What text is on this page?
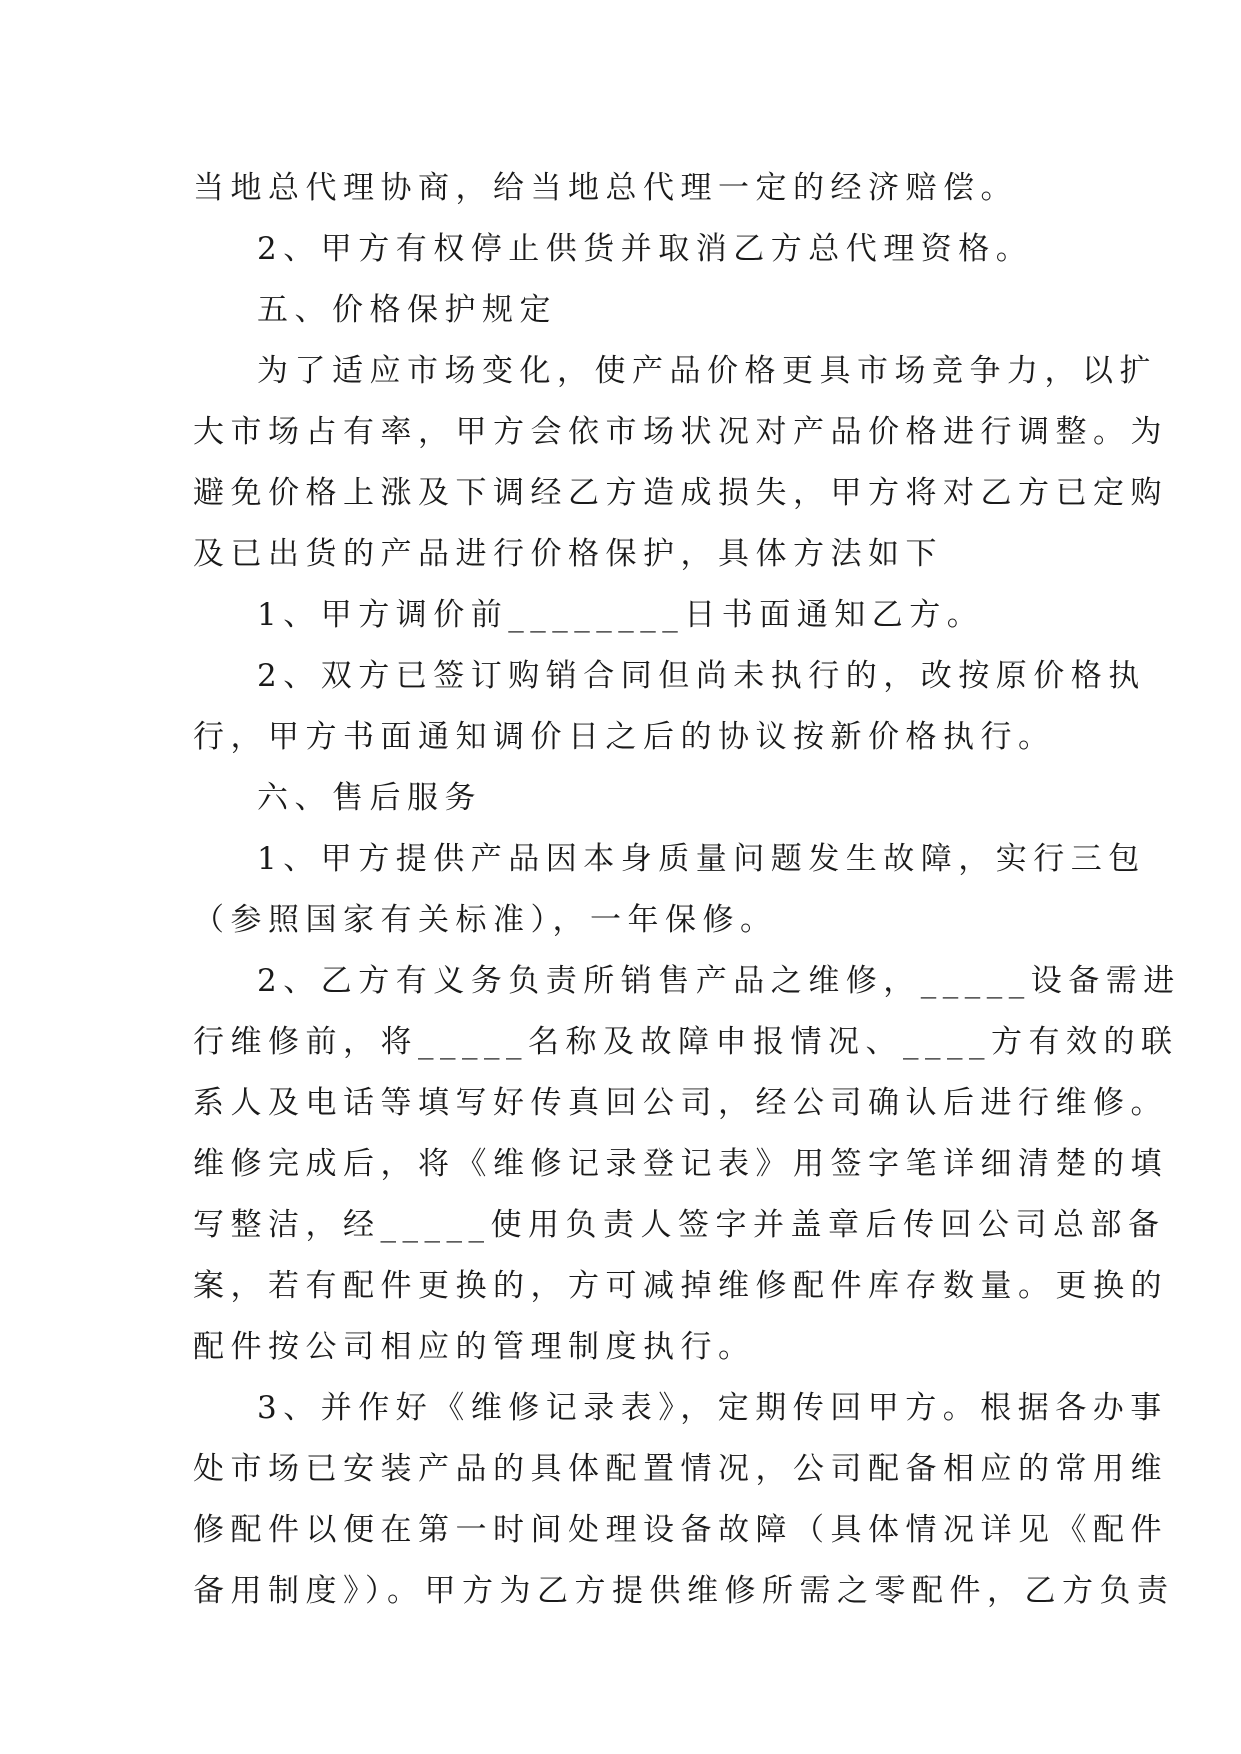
当地总代理协商，给当地总代理一定的经济赔偿。
2、甲方有权停止供货并取消乙方总代理资格。
五、价格保护规定
为了适应市场变化，使产品价格更具市场竞争力，以扩
大市场占有率，甲方会依市场状况对产品价格进行调整。为
避免价格上涨及下调经乙方造成损失，甲方将对乙方已定购
及已出货的产品进行价格保护，具体方法如下
1、甲方调价前________日书面通知乙方。
2、双方已签订购销合同但尚未执行的，改按原价格执
行，甲方书面通知调价日之后的协议按新价格执行。
六、售后服务
1、甲方提供产品因本身质量问题发生故障，实行三包
（参照国家有关标准），一年保修。
2、乙方有义务负责所销售产品之维修，_____设备需进
行维修前，将_____名称及故障申报情况、____方有效的联
系人及电话等填写好传真回公司，经公司确认后进行维修。
维修完成后，将《维修记录登记表》用签字笔详细清楚的填
写整洁，经_____使用负责人签字并盖章后传回公司总部备
案，若有配件更换的，方可减掉维修配件库存数量。更换的
配件按公司相应的管理制度执行。
3、并作好《维修记录表》，定期传回甲方。根据各办事
处市场已安装产品的具体配置情况，公司配备相应的常用维
修配件以便在第一时间处理设备故障（具体情况详见《配件
备用制度》）。甲方为乙方提供维修所需之零配件，乙方负责
